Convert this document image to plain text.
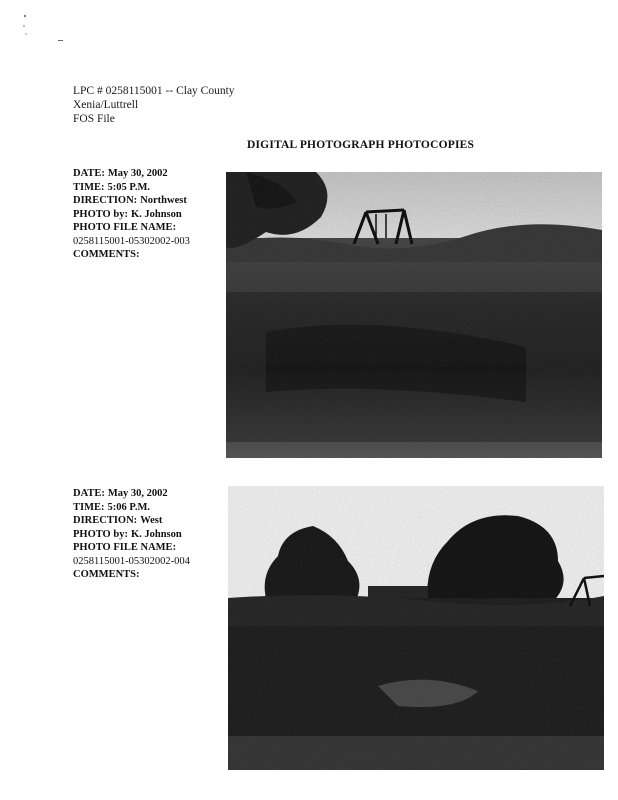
LPC # 0258115001 -- Clay County
Xenia/Luttrell
FOS File
DIGITAL PHOTOGRAPH PHOTOCOPIES
DATE: May 30, 2002
TIME: 5:05 P.M.
DIRECTION: Northwest
PHOTO by: K. Johnson
PHOTO FILE NAME:
0258115001-05302002-003
COMMENTS:
DATE: May 30, 2002
TIME: 5:06 P.M.
DIRECTION: West
PHOTO by: K. Johnson
PHOTO FILE NAME:
0258115001-05302002-004
COMMENTS:
